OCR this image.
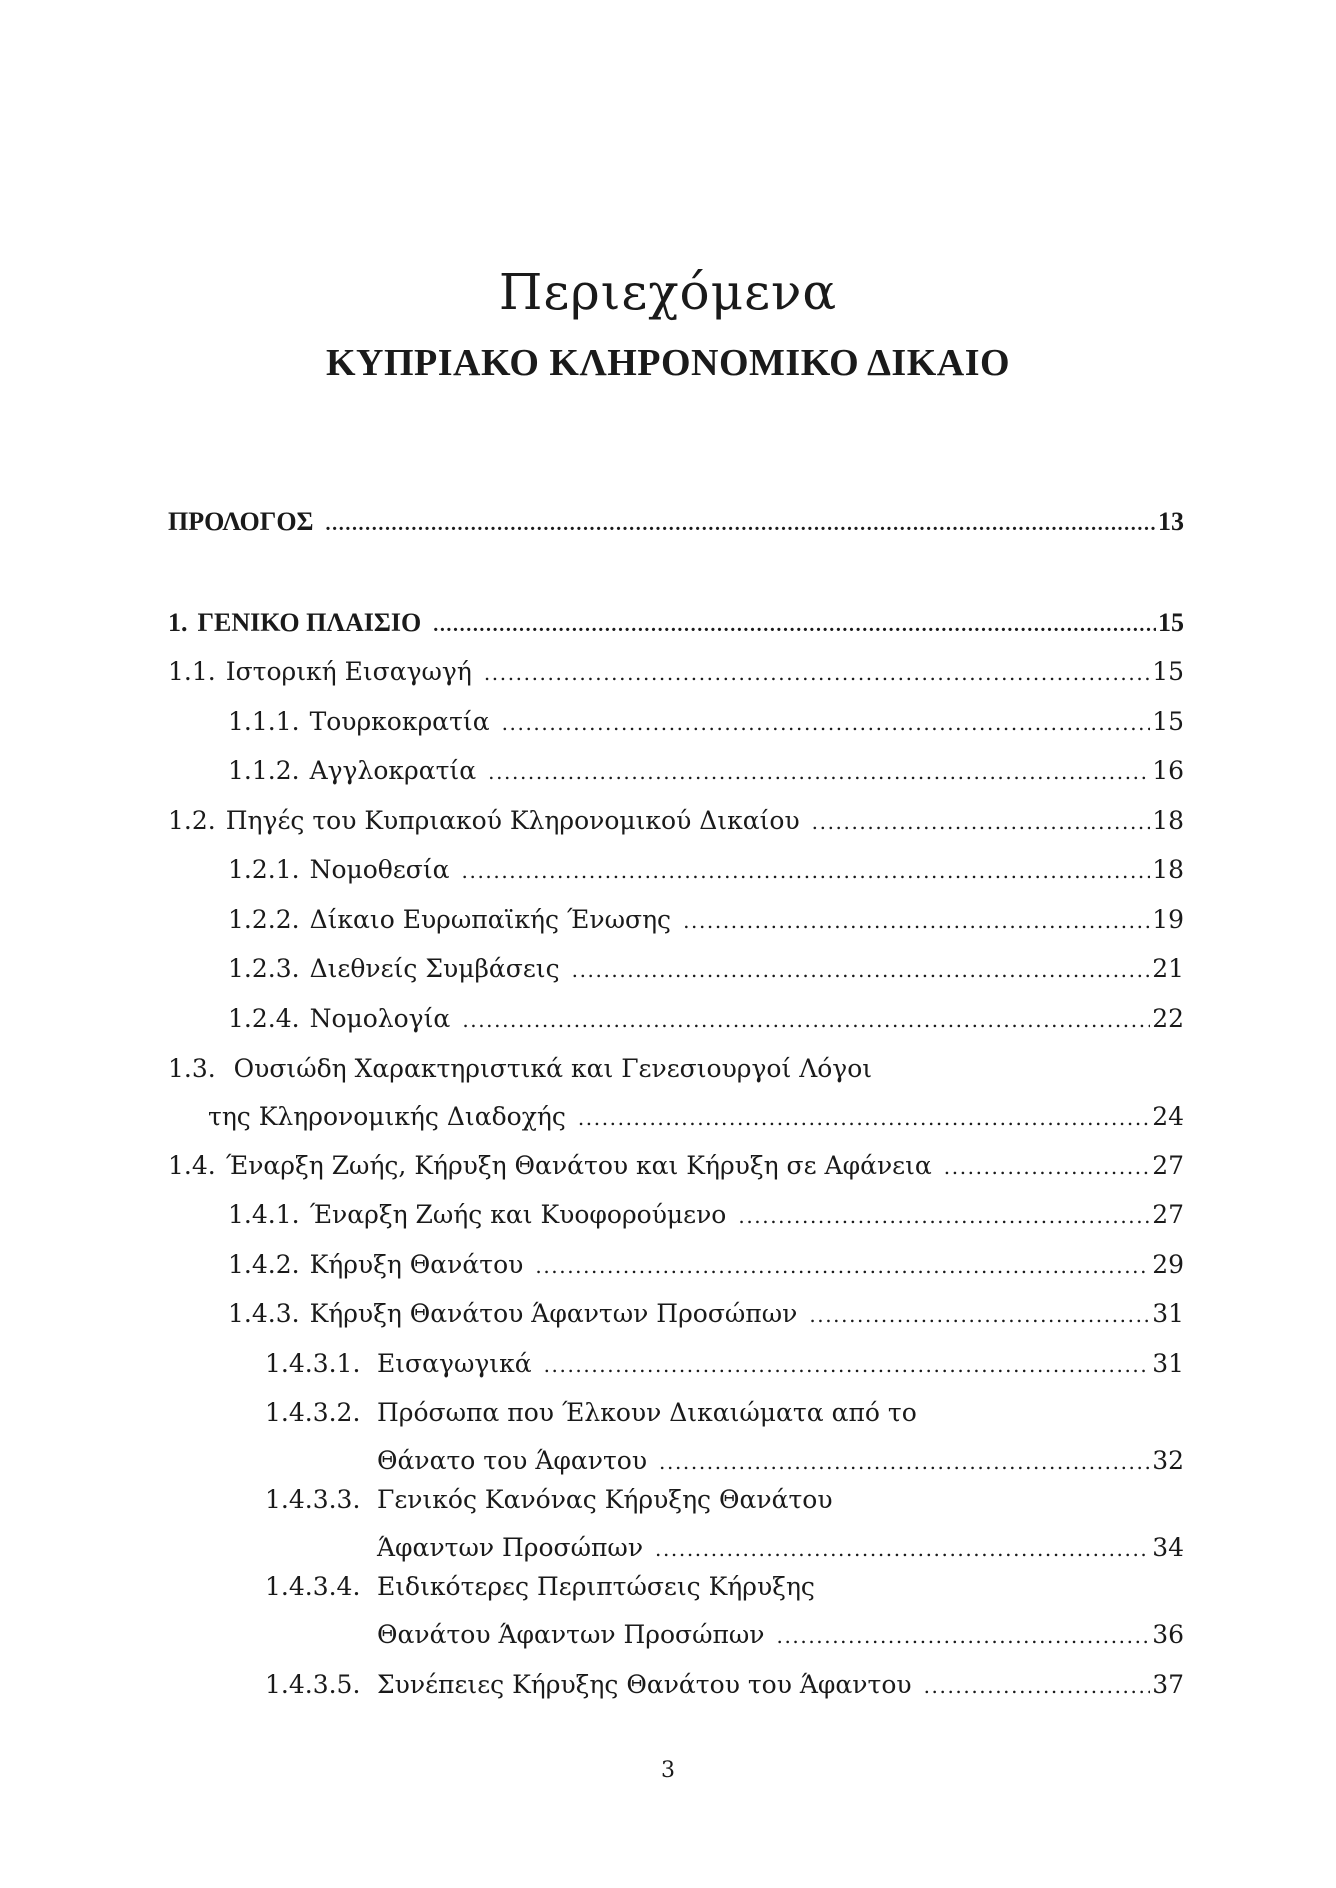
Περιεχόμενα
ΚΥΠΡΙΑΚΟ ΚΛΗΡΟΝΟΜΙΚΟ ΔΙΚΑΙΟ
ΠΡΟΛΟΓΟΣ .....	13
1. ΓΕΝΙΚΟ ΠΛΑΙΣΙΟ .....	15
1.1. Ιστορική Εισαγωγή .....	15
1.1.1. Τουρκοκρατία .....	15
1.1.2. Αγγλοκρατία .....	16
1.2. Πηγές του Κυπριακού Κληρονομικού Δικαίου .....	18
1.2.1. Νομοθεσία .....	18
1.2.2. Δίκαιο Ευρωπαϊκής Ένωσης .....	19
1.2.3. Διεθνείς Συμβάσεις .....	21
1.2.4. Νομολογία .....	22
1.3. Ουσιώδη Χαρακτηριστικά και Γενεσιουργοί Λόγοι
της Κληρονομικής Διαδοχής .....	24
1.4. Έναρξη Ζωής, Κήρυξη Θανάτου και Κήρυξη σε Αφάνεια .....	27
1.4.1. Έναρξη Ζωής και Κυοφορούμενο .....	27
1.4.2. Κήρυξη Θανάτου .....	29
1.4.3. Κήρυξη Θανάτου Άφαντων Προσώπων .....	31
1.4.3.1. Εισαγωγικά .....	31
1.4.3.2. Πρόσωπα που Έλκουν Δικαιώματα από το
Θάνατο του Άφαντου .....	32
1.4.3.3. Γενικός Κανόνας Κήρυξης Θανάτου
Άφαντων Προσώπων .....	34
1.4.3.4. Ειδικότερες Περιπτώσεις Κήρυξης
Θανάτου Άφαντων Προσώπων .....	36
1.4.3.5. Συνέπειες Κήρυξης Θανάτου του Άφαντου .....	37
3
